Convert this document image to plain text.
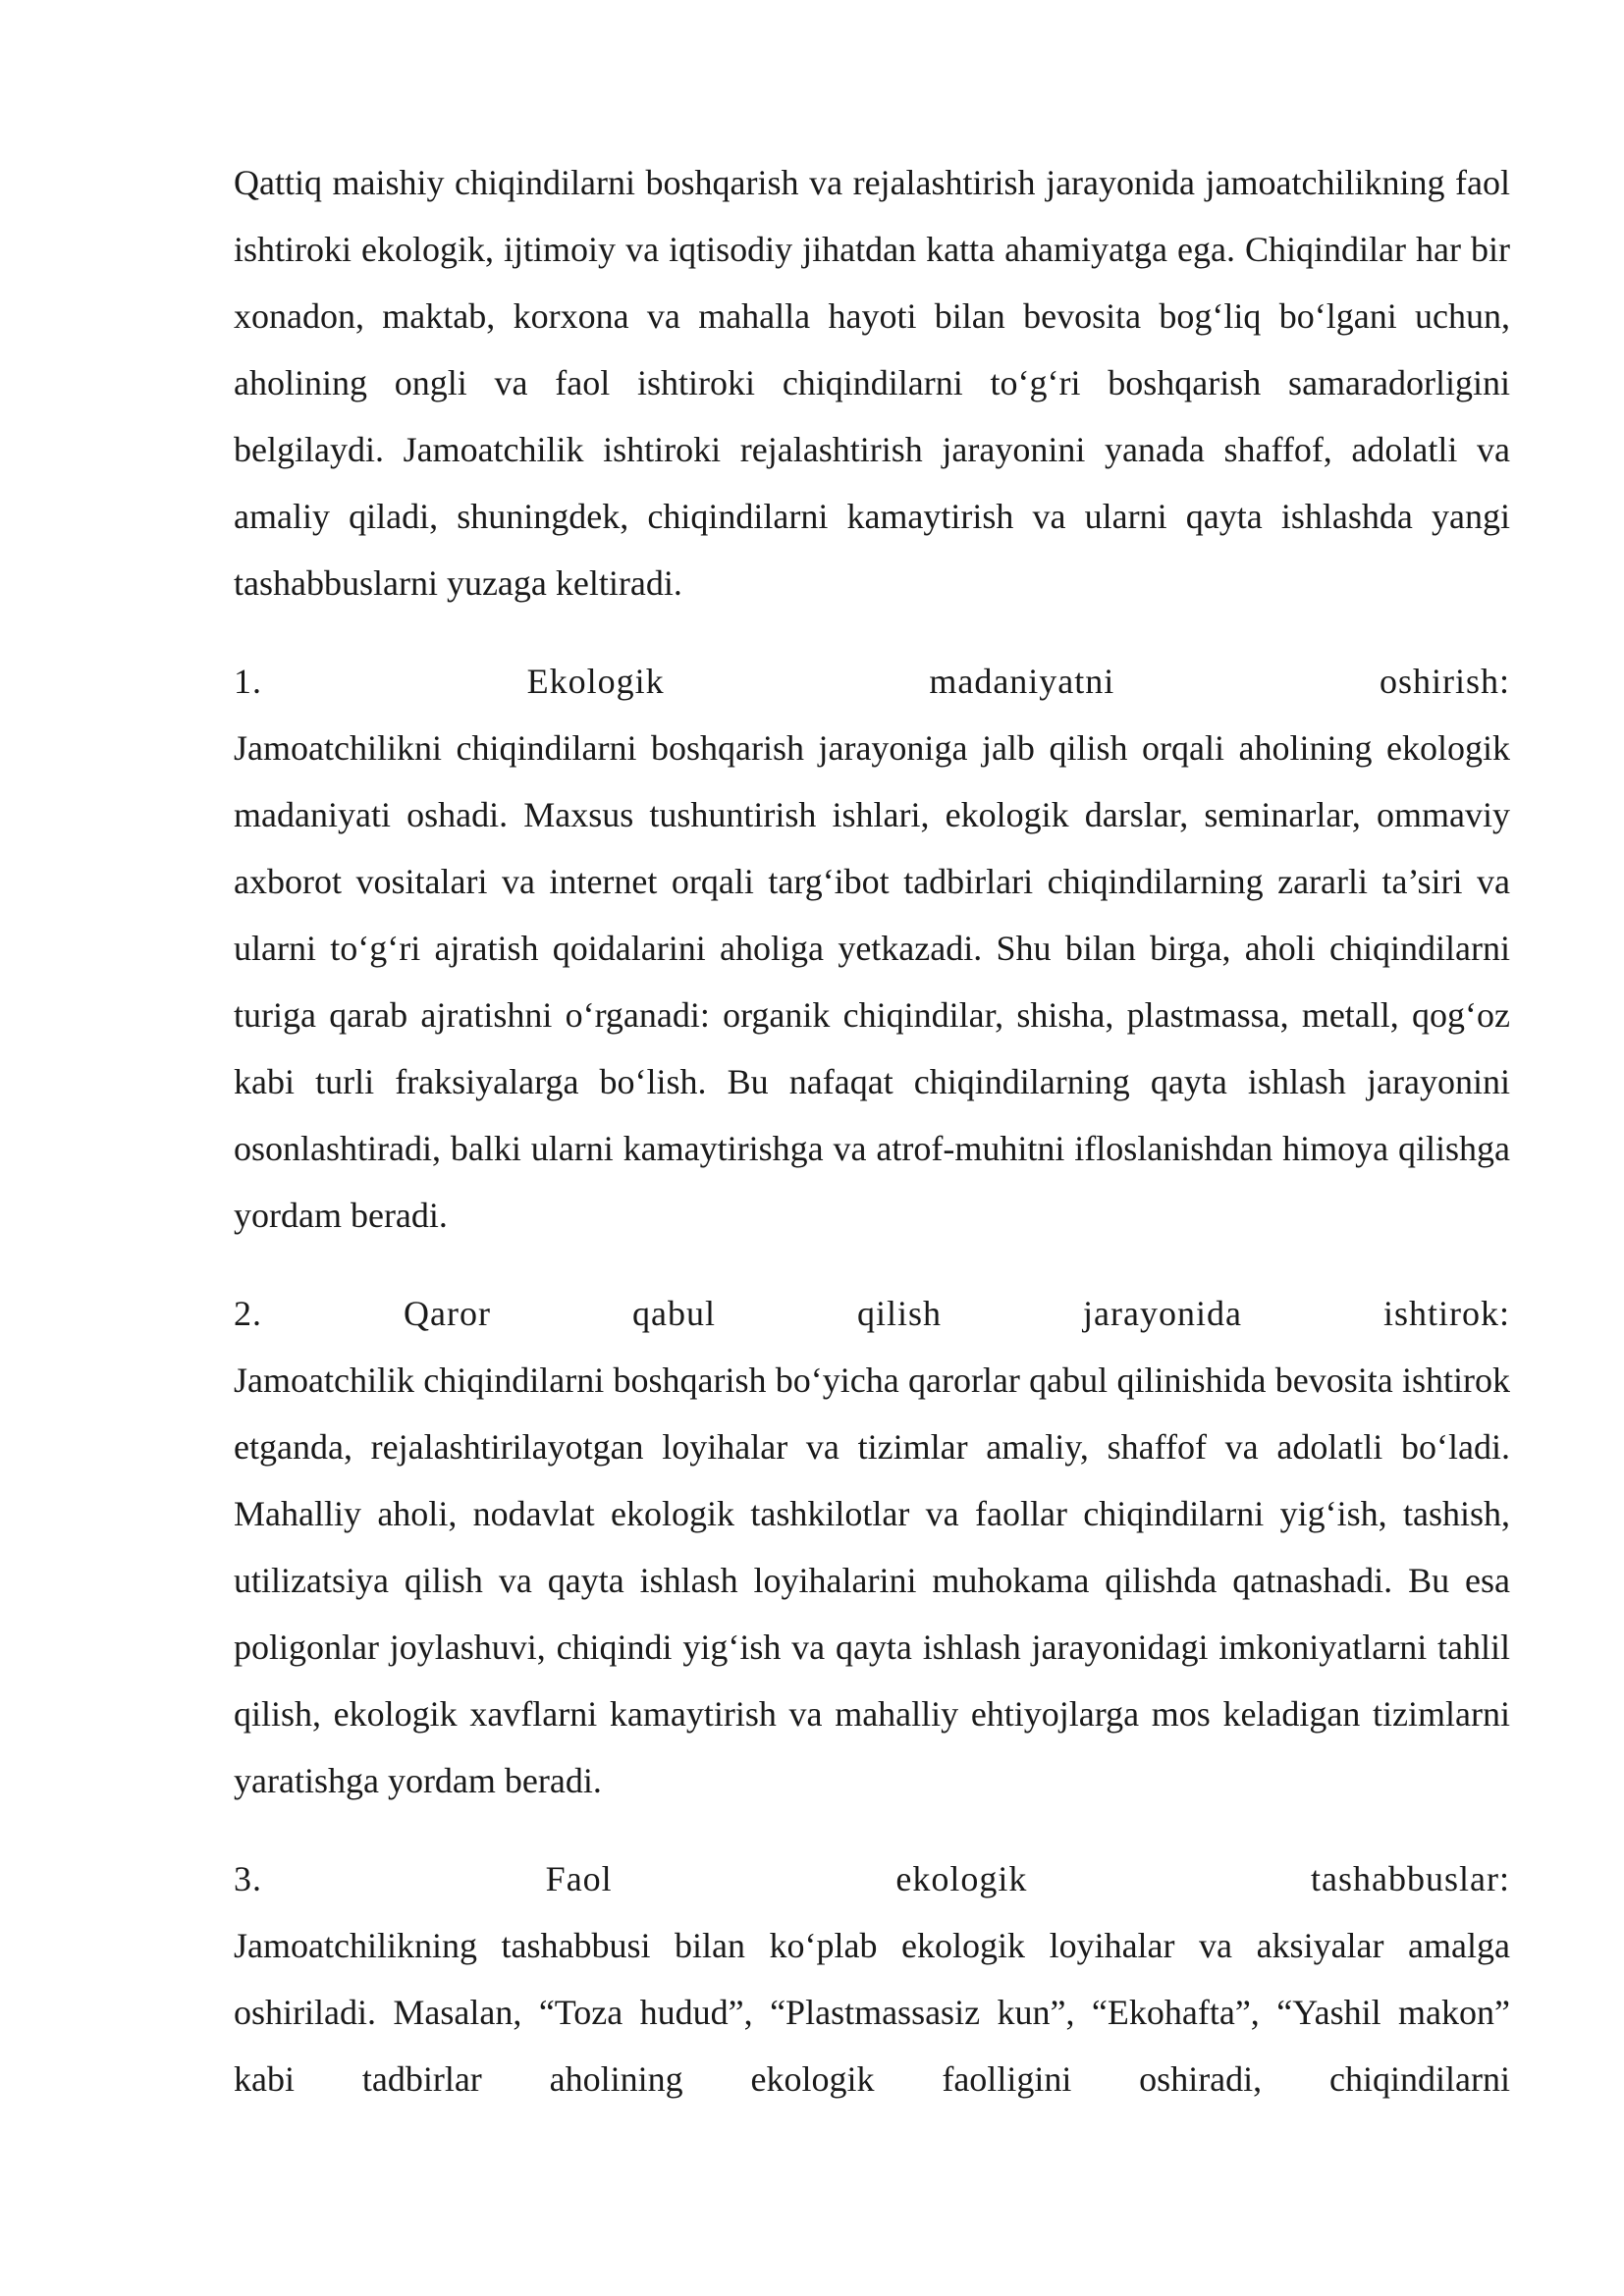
Qattiq maishiy chiqindilarni boshqarish va rejalashtirish jarayonida jamoatchilikning faol ishtiroki ekologik, ijtimoiy va iqtisodiy jihatdan katta ahamiyatga ega. Chiqindilar har bir xonadon, maktab, korxona va mahalla hayoti bilan bevosita bog‘liq bo‘lgani uchun, aholining ongli va faol ishtiroki chiqindilarni to‘g‘ri boshqarish samaradorligini belgilaydi. Jamoatchilik ishtiroki rejalashtirish jarayonini yanada shaffof, adolatli va amaliy qiladi, shuningdek, chiqindilarni kamaytirish va ularni qayta ishlashda yangi tashabbuslarni yuzaga keltiradi.

1.	Ekologik	madaniyatni	oshirish:

Jamoatchilikni chiqindilarni boshqarish jarayoniga jalb qilish orqali aholining ekologik madaniyati oshadi. Maxsus tushuntirish ishlari, ekologik darslar, seminarlar, ommaviy axborot vositalari va internet orqali targ‘ibot tadbirlari chiqindilarning zararli ta’siri va ularni to‘g‘ri ajratish qoidalarini aholiga yetkazadi. Shu bilan birga, aholi chiqindilarni turiga qarab ajratishni o‘rganadi: organik chiqindilar, shisha, plastmassa, metall, qog‘oz kabi turli fraksiyalarga bo‘lish. Bu nafaqat chiqindilarning qayta ishlash jarayonini osonlashtiradi, balki ularni kamaytirishga va atrof-muhitni ifloslanishdan himoya qilishga yordam beradi.

2.	Qaror	qabul	qilish	jarayonida	ishtirok:

Jamoatchilik chiqindilarni boshqarish bo‘yicha qarorlar qabul qilinishida bevosita ishtirok etganda, rejalashtirilayotgan loyihalar va tizimlar amaliy, shaffof va adolatli bo‘ladi. Mahalliy aholi, nodavlat ekologik tashkilotlar va faollar chiqindilarni yig‘ish, tashish, utilizatsiya qilish va qayta ishlash loyihalarini muhokama qilishda qatnashadi. Bu esa poligonlar joylashuvi, chiqindi yig‘ish va qayta ishlash jarayonidagi imkoniyatlarni tahlil qilish, ekologik xavflarni kamaytirish va mahalliy ehtiyojlarga mos keladigan tizimlarni yaratishga yordam beradi.

3.	Faol	ekologik	tashabbuslar:

Jamoatchilikning tashabbusi bilan ko‘plab ekologik loyihalar va aksiyalar amalga oshiriladi. Masalan, “Toza hudud”, “Plastmassasiz kun”, “Ekohafta”, “Yashil makon” kabi tadbirlar aholining ekologik faolligini oshiradi, chiqindilarni
